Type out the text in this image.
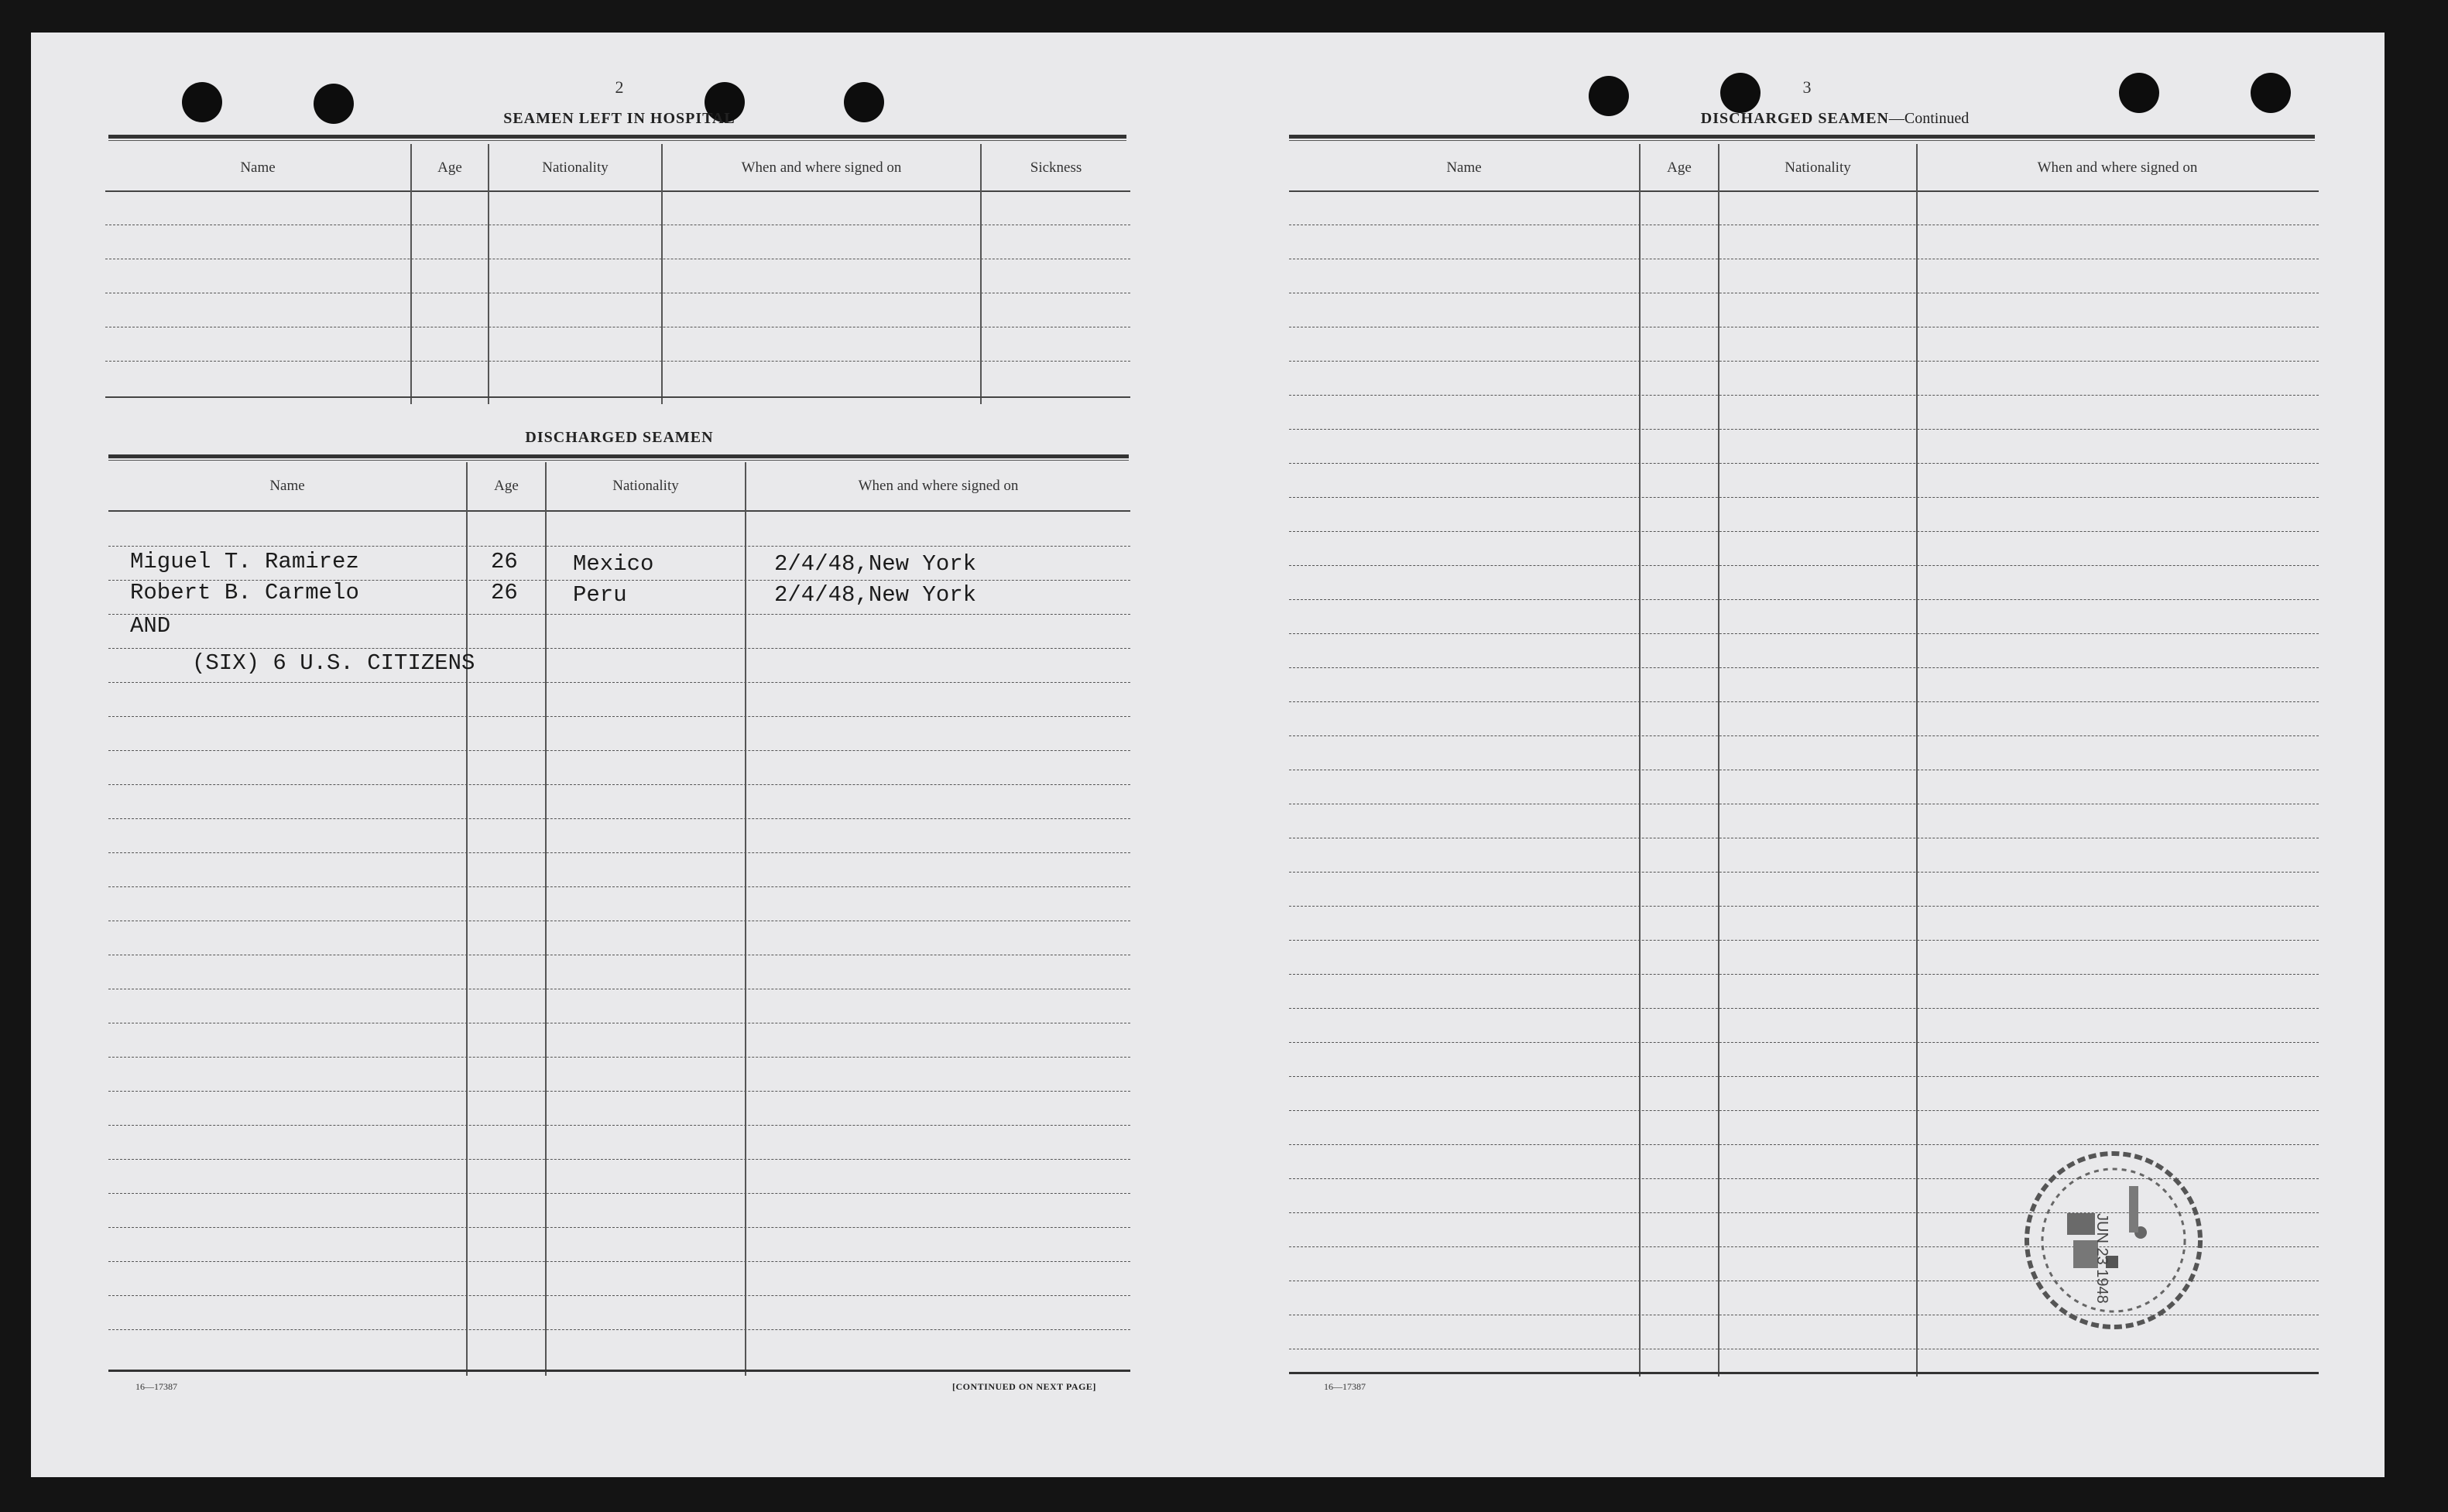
2
SEAMEN LEFT IN HOSPITAL
Name	Age	Nationality	When and where signed on	Sickness
DISCHARGED SEAMEN
Name	Age	Nationality	When and where signed on
Miguel T. Ramirez	26 Mexico	2/4/48,New York
Robert B. Carmelo	26 Peru	2/4/48,New York
AND
(SIX) 6 U.S. CITIZENS
16—17387	[CONTINUED ON NEXT PAGE]
3
DISCHARGED SEAMEN—Continued
Name	Age	Nationality	When and where signed on
JUN 23 1948
16—17387
